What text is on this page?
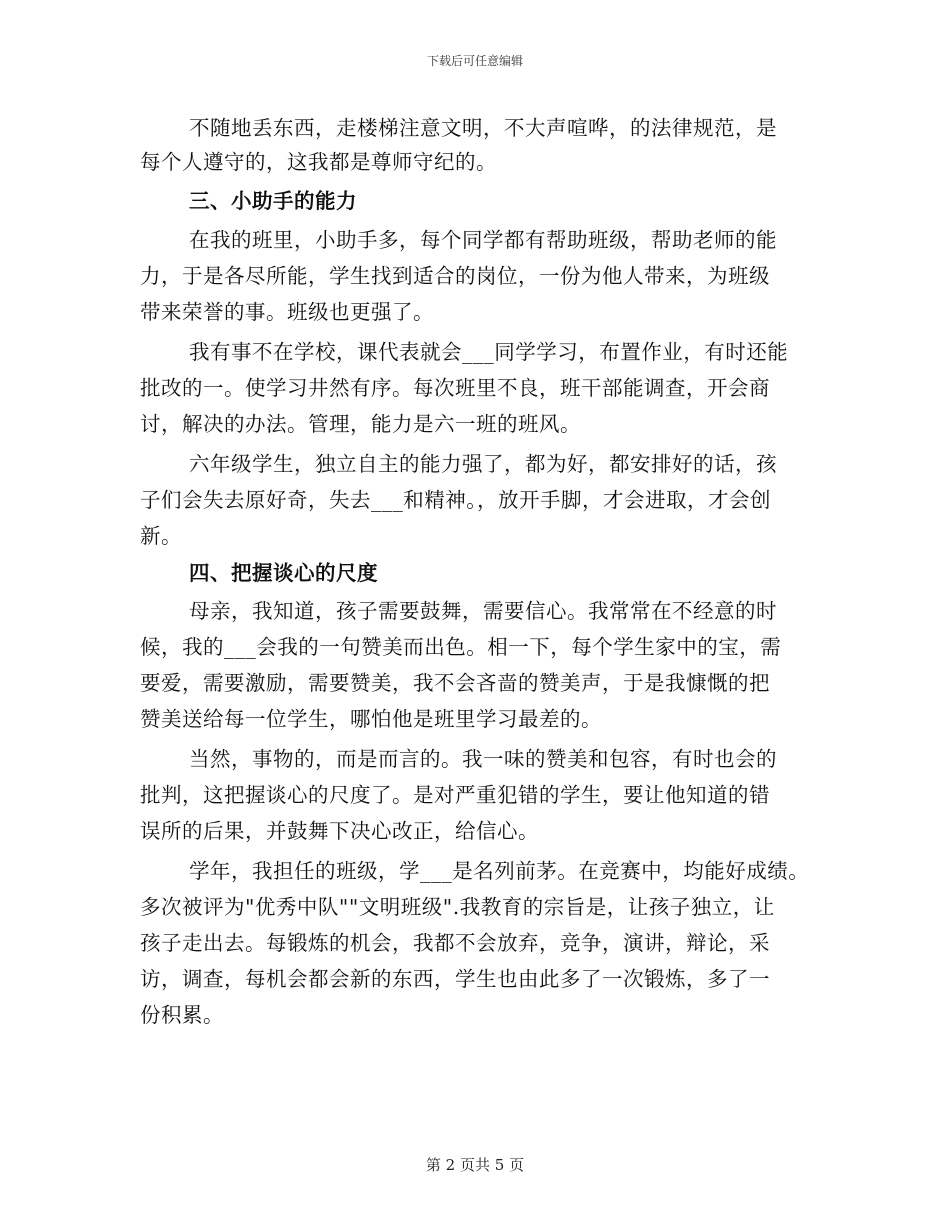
下载后可任意编辑
不随地丢东西，走楼梯注意文明，不大声喧哗，的法律规范，是
每个人遵守的，这我都是尊师守纪的。
三、小助手的能力
在我的班里，小助手多，每个同学都有帮助班级，帮助老师的能
力，于是各尽所能，学生找到适合的岗位，一份为他人带来，为班级
带来荣誉的事。班级也更强了。
我有事不在学校，课代表就会___同学学习，布置作业，有时还能
批改的一。使学习井然有序。每次班里不良，班干部能调查，开会商
讨，解决的办法。管理，能力是六一班的班风。
六年级学生，独立自主的能力强了，都为好，都安排好的话，孩
子们会失去原好奇，失去___和精神。，放开手脚，才会进取，才会创
新。
四、把握谈心的尺度
母亲，我知道，孩子需要鼓舞，需要信心。我常常在不经意的时
候，我的___会我的一句赞美而出色。相一下，每个学生家中的宝，需
要爱，需要激励，需要赞美，我不会吝啬的赞美声，于是我慷慨的把
赞美送给每一位学生，哪怕他是班里学习最差的。
当然，事物的，而是而言的。我一味的赞美和包容，有时也会的
批判，这把握谈心的尺度了。是对严重犯错的学生，要让他知道的错
误所的后果，并鼓舞下决心改正，给信心。
学年，我担任的班级，学___是名列前茅。在竞赛中，均能好成绩。
多次被评为"优秀中队""文明班级".我教育的宗旨是，让孩子独立，让
孩子走出去。每锻炼的机会，我都不会放弃，竞争，演讲，辩论，采
访，调查，每机会都会新的东西，学生也由此多了一次锻炼，多了一
份积累。
第 2 页共 5 页
